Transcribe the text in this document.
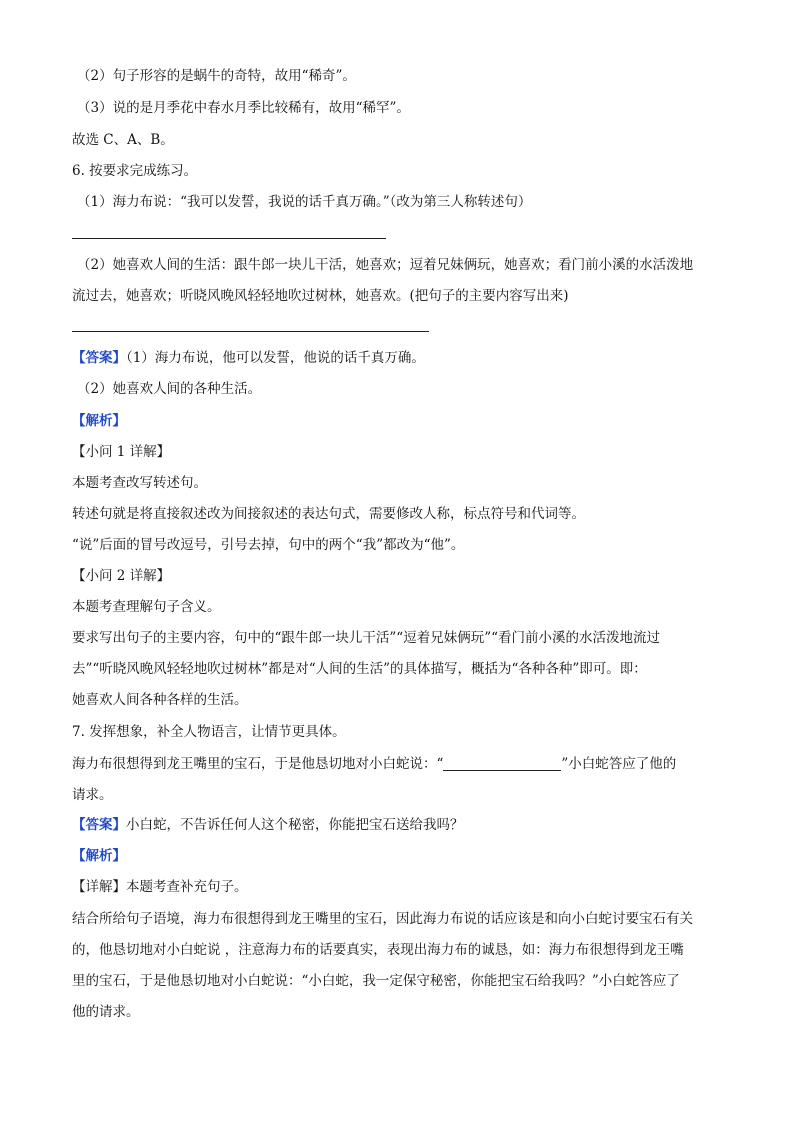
（2）句子形容的是蜗牛的奇特，故用“稀奇”。
（3）说的是月季花中春水月季比较稀有，故用“稀罕”。
故选 C、A、B。
6. 按要求完成练习。
（1）海力布说：“我可以发誓，我说的话千真万确。”（改为第三人称转述句）
（2）她喜欢人间的生活：跟牛郎一块儿干活，她喜欢；逗着兄妹俩玩，她喜欢；看门前小溪的水活泼地
流过去，她喜欢；听晓风晚风轻轻地吹过树林，她喜欢。(把句子的主要内容写出来)
【答案】（1）海力布说，他可以发誓，他说的话千真万确。
（2）她喜欢人间的各种生活。
【解析】
【小问 1 详解】
本题考查改写转述句。
转述句就是将直接叙述改为间接叙述的表达句式，需要修改人称，标点符号和代词等。
“说”后面的冒号改逗号，引号去掉，句中的两个“我”都改为“他”。
【小问 2 详解】
本题考查理解句子含义。
要求写出句子的主要内容，句中的“跟牛郎一块儿干活”“逗着兄妹俩玩”“看门前小溪的水活泼地流过
去”“听晓风晚风轻轻地吹过树林”都是对“人间的生活”的具体描写，概括为“各种各种”即可。即：
她喜欢人间各种各样的生活。
7. 发挥想象，补全人物语言，让情节更具体。
海力布很想得到龙王嘴里的宝石，于是他恳切地对小白蛇说：“	”小白蛇答应了他的
请求。
【答案】小白蛇，不告诉任何人这个秘密，你能把宝石送给我吗？
【解析】
【详解】本题考查补充句子。
结合所给句子语境，海力布很想得到龙王嘴里的宝石，因此海力布说的话应该是和向小白蛇讨要宝石有关
的，他恳切地对小白蛇说 ，注意海力布的话要真实，表现出海力布的诚恳，如：海力布很想得到龙王嘴
里的宝石，于是他恳切地对小白蛇说：“小白蛇，我一定保守秘密，你能把宝石给我吗？”小白蛇答应了
他的请求。
